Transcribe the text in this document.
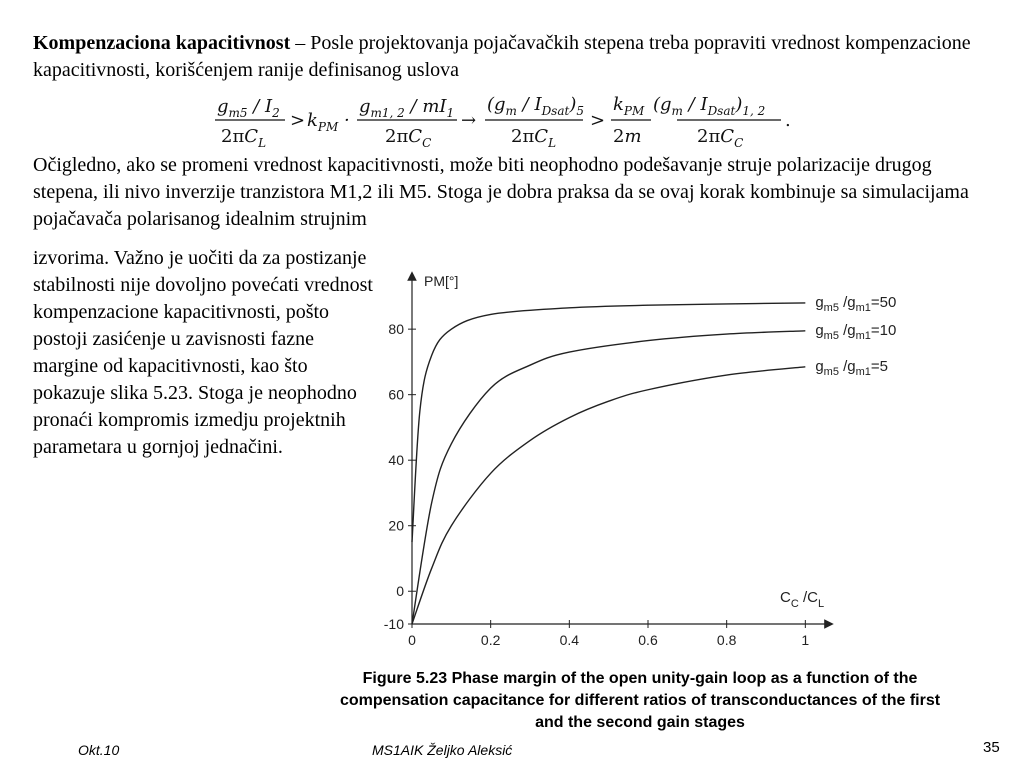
Kompenzaciona kapacitivnost – Posle projektovanja pojačavačkih stepena treba popraviti vrednost kompenzacione kapacitivnosti, korišćenjem ranije definisanog uslova
$g_{m5} / I_2$
$2\pi C_L$
> $k_{PM}$ ·
$g_{m1, 2} / mI_1$
$2\pi C_C$
→
$(g_m / I_{Dsat})_5$
$2\pi C_L$
>
$k_{PM}$
2m
$(g_m / I_{Dsat})_{1, 2}$
$2\pi C_C$
.
Očigledno, ako se promeni vrednost kapacitivnosti, može biti neophodno podešavanje struje polarizacije drugog stepena, ili nivo inverzije tranzistora M1,2 ili M5. Stoga je dobra praksa da se ovaj korak kombinuje sa simulacijama pojačavača polarisanog idealnim strujnim
izvorima. Važno je uočiti da za postizanje stabilnosti nije dovoljno povećati vrednost kompenzacione kapacitivnosti, pošto postoji zasićenje u zavisnosti fazne margine od kapacitivnosti, kao što pokazuje slika 5.23. Stoga je neophodno pronaći kompromis izmedju projektnih parametara u gornjoj jednačini.
PM[°]
$C_C$ $/C_L$
-10
0
20
40
60
80
0	0.2	0.4	0.6	0.8	1
$g_{m5}$ $/g_{m1}=50$
$g_{m5}$ $/g_{m1}=10$
$g_{m5}$ $/g_{m1}=5$
Figure 5.23 Phase margin of the open unity-gain loop as a function of the
compensation capacitance for different ratios of transconductances of the first
and the second gain stages
Okt.10	MS1AIK Željko Aleksić	35
